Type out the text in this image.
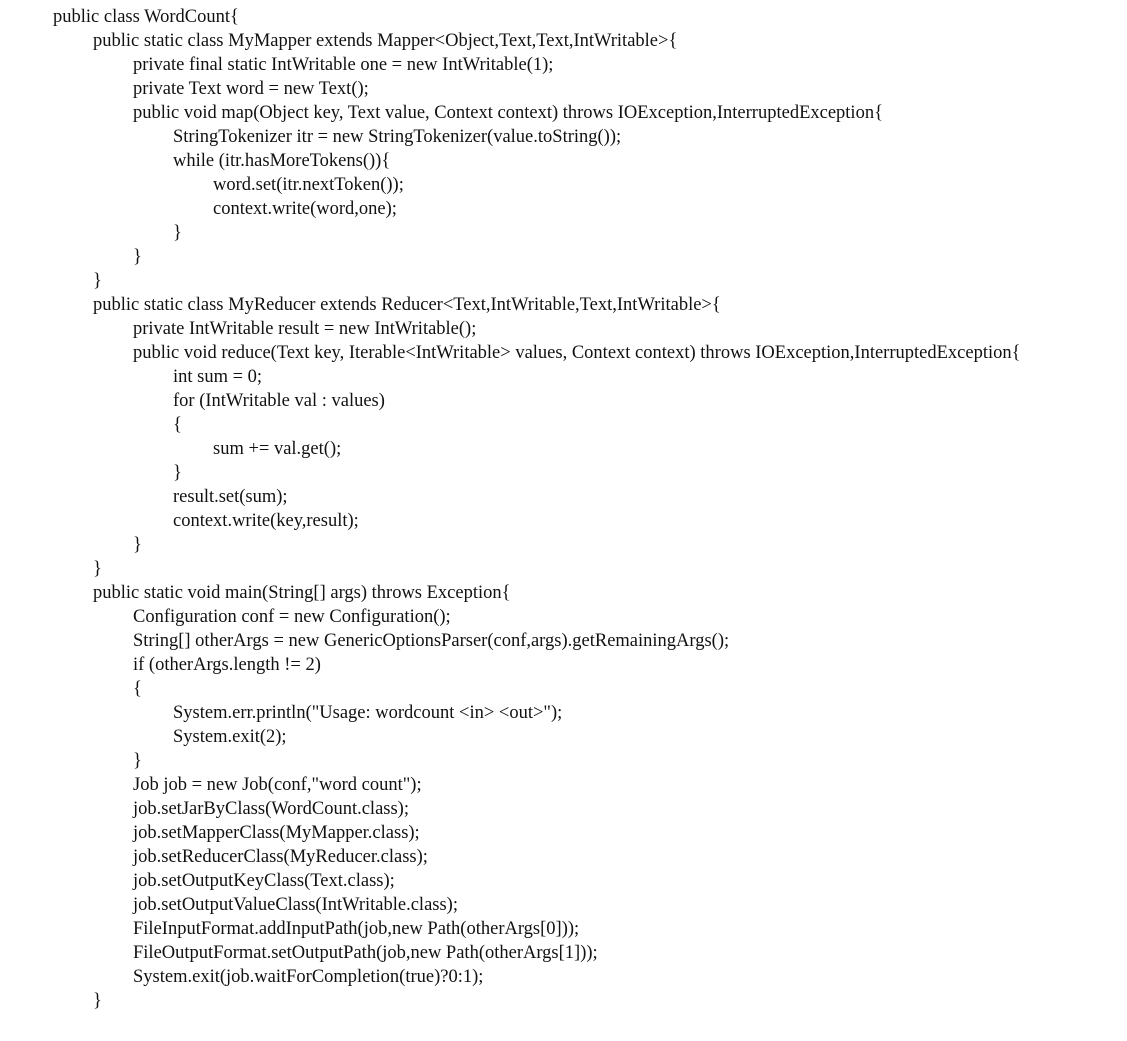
public class WordCount{
public static class MyMapper extends Mapper<Object,Text,Text,IntWritable>{
private final static IntWritable one = new IntWritable(1);
private Text word = new Text();
public void map(Object key, Text value, Context context) throws IOException,InterruptedException{
StringTokenizer itr = new StringTokenizer(value.toString());
while (itr.hasMoreTokens()){
word.set(itr.nextToken());
context.write(word,one);
}
}
}
public static class MyReducer extends Reducer<Text,IntWritable,Text,IntWritable>{
private IntWritable result = new IntWritable();
public void reduce(Text key, Iterable<IntWritable> values, Context context) throws IOException,InterruptedException{
int sum = 0;
for (IntWritable val : values)
{
sum += val.get();
}
result.set(sum);
context.write(key,result);
}
}
public static void main(String[] args) throws Exception{
Configuration conf = new Configuration();
String[] otherArgs = new GenericOptionsParser(conf,args).getRemainingArgs();
if (otherArgs.length != 2)
{
System.err.println("Usage: wordcount <in> <out>");
System.exit(2);
}
Job job = new Job(conf,"word count");
job.setJarByClass(WordCount.class);
job.setMapperClass(MyMapper.class);
job.setReducerClass(MyReducer.class);
job.setOutputKeyClass(Text.class);
job.setOutputValueClass(IntWritable.class);
FileInputFormat.addInputPath(job,new Path(otherArgs[0]));
FileOutputFormat.setOutputPath(job,new Path(otherArgs[1]));
System.exit(job.waitForCompletion(true)?0:1);
}
